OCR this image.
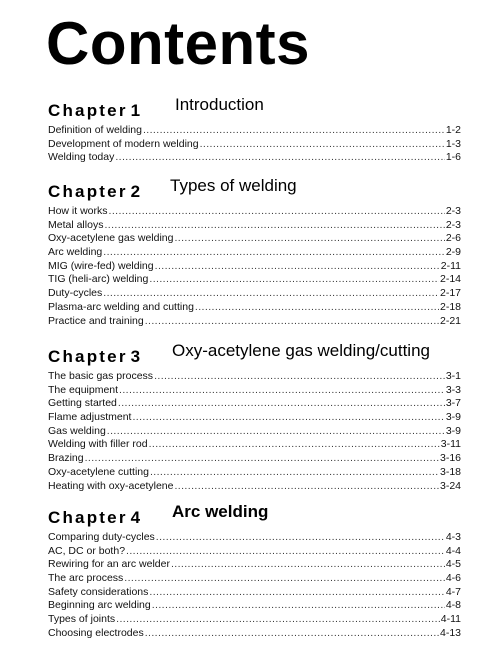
Contents
Chapter 1 Introduction
Definition of welding .....	1-2
Development of modern welding .....	1-3
Welding today .....	1-6
Chapter 2 Types of welding
How it works .....	2-3
Metal alloys .....	2-3
Oxy-acetylene gas welding .....	2-6
Arc welding .....	2-9
MIG (wire-fed) welding .....	2-11
TIG (heli-arc) welding .....	2-14
Duty-cycles .....	2-17
Plasma-arc welding and cutting .....	2-18
Practice and training .....	2-21
Chapter 3 Oxy-acetylene gas welding/cutting
The basic gas process .....	3-1
The equipment .....	3-3
Getting started .....	3-7
Flame adjustment .....	3-9
Gas welding .....	3-9
Welding with filler rod .....	3-11
Brazing .....	3-16
Oxy-acetylene cutting .....	3-18
Heating with oxy-acetylene .....	3-24
Chapter 4 Arc welding
Comparing duty-cycles .....	4-3
AC, DC or both? .....	4-4
Rewiring for an arc welder .....	4-5
The arc process .....	4-6
Safety considerations .....	4-7
Beginning arc welding .....	4-8
Types of joints .....	4-11
Choosing electrodes .....	4-13
